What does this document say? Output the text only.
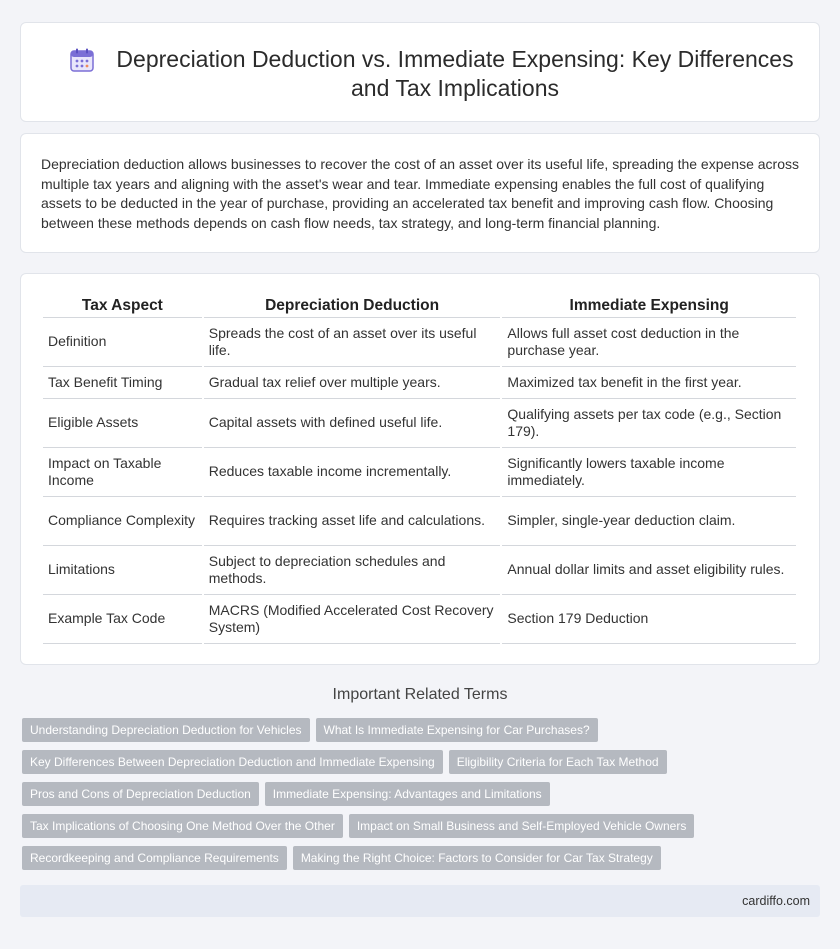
Depreciation Deduction vs. Immediate Expensing: Key Differences and Tax Implications

Depreciation deduction allows businesses to recover the cost of an asset over its useful life, spreading the expense across multiple tax years and aligning with the asset's wear and tear. Immediate expensing enables the full cost of qualifying assets to be deducted in the year of purchase, providing an accelerated tax benefit and improving cash flow. Choosing between these methods depends on cash flow needs, tax strategy, and long-term financial planning.

Tax Aspect	Depreciation Deduction	Immediate Expensing
Definition	Spreads the cost of an asset over its useful life.	Allows full asset cost deduction in the purchase year.
Tax Benefit Timing	Gradual tax relief over multiple years.	Maximized tax benefit in the first year.
Eligible Assets	Capital assets with defined useful life.	Qualifying assets per tax code (e.g., Section 179).
Impact on Taxable Income	Reduces taxable income incrementally.	Significantly lowers taxable income immediately.
Compliance Complexity	Requires tracking asset life and calculations.	Simpler, single-year deduction claim.
Limitations	Subject to depreciation schedules and methods.	Annual dollar limits and asset eligibility rules.
Example Tax Code	MACRS (Modified Accelerated Cost Recovery System)	Section 179 Deduction
Important Related Terms
Understanding Depreciation Deduction for Vehicles What Is Immediate Expensing for Car Purchases?
Key Differences Between Depreciation Deduction and Immediate Expensing Eligibility Criteria for Each Tax Method
Pros and Cons of Depreciation Deduction Immediate Expensing: Advantages and Limitations
Tax Implications of Choosing One Method Over the Other Impact on Small Business and Self-Employed Vehicle Owners
Recordkeeping and Compliance Requirements Making the Right Choice: Factors to Consider for Car Tax Strategy
cardiffo.com
